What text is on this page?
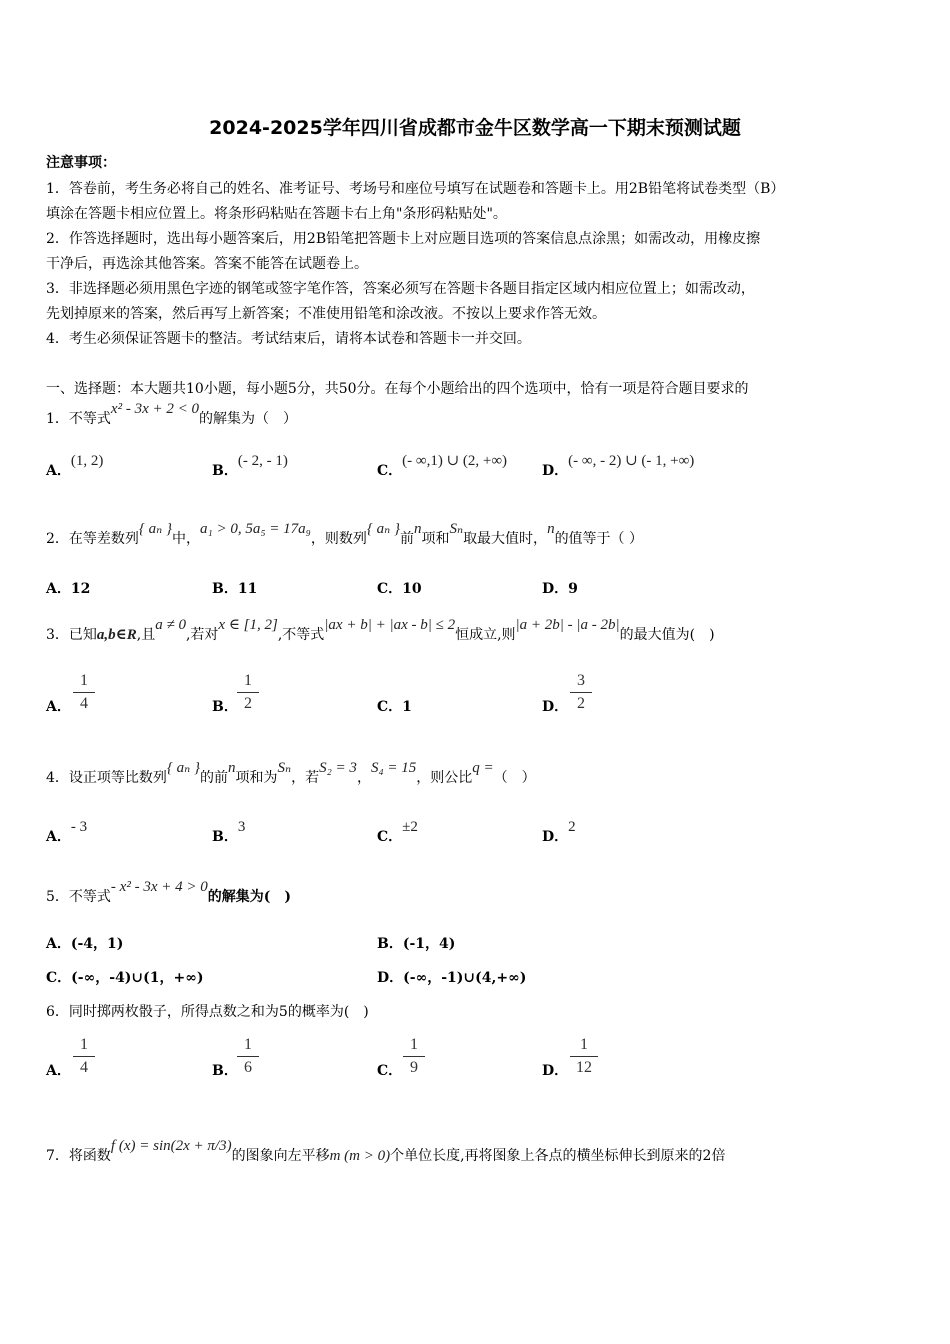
2024-2025学年四川省成都市金牛区数学高一下期末预测试题
注意事项：
1．答卷前，考生务必将自己的姓名、准考证号、考场号和座位号填写在试题卷和答题卡上。用2B铅笔将试卷类型（B）
填涂在答题卡相应位置上。将条形码粘贴在答题卡右上角"条形码粘贴处"。
2．作答选择题时，选出每小题答案后，用2B铅笔把答题卡上对应题目选项的答案信息点涂黑；如需改动，用橡皮擦
干净后，再选涂其他答案。答案不能答在试题卷上。
3．非选择题必须用黑色字迹的钢笔或签字笔作答，答案必须写在答题卡各题目指定区域内相应位置上；如需改动，
先划掉原来的答案，然后再写上新答案；不准使用铅笔和涂改液。不按以上要求作答无效。
4．考生必须保证答题卡的整洁。考试结束后，请将本试卷和答题卡一并交回。
一、选择题：本大题共10小题，每小题5分，共50分。在每个小题给出的四个选项中，恰有一项是符合题目要求的
1．不等式x² - 3x + 2 < 0的解集为（　）
A．(1, 2)
B．(- 2, - 1)
C．(- ∞,1) ∪ (2, +∞)
D．(- ∞, - 2) ∪ (- 1, +∞)
2．在等差数列{ aₙ }中，a₁ > 0, 5a₅ = 17a₉，则数列{ aₙ }前n项和Sₙ取最大值时，n的值等于（ ）
A．12	B．11	C．10	D．9
3．已知a,b∈R,且a ≠ 0,若对x ∈ [1, 2],不等式|ax + b| + |ax - b| ≤ 2恒成立,则|a + 2b| - |a - 2b|的最大值为(　)
A．
1
4	B．
1
2	C．1	D．
3
2
4．设正项等比数列{ aₙ }的前n项和为Sₙ，若S₂ = 3，S₄ = 15，则公比q =（　）
A．- 3
B．3
C．±2
D．2
5．不等式- x² - 3x + 4 > 0的解集为(　)
A．(-4，1)	B．(-1，4)
C．(-∞，-4)∪(1，+∞)	D．(-∞，-1)∪(4,+∞)
6．同时掷两枚骰子，所得点数之和为5的概率为(　)
A．
1
4	B．
1
6	C．
1
9	D．
1
12
7．将函数f (x) = sin(2x + π/3)的图象向左平移m (m > 0)个单位长度,再将图象上各点的横坐标伸长到原来的2倍
